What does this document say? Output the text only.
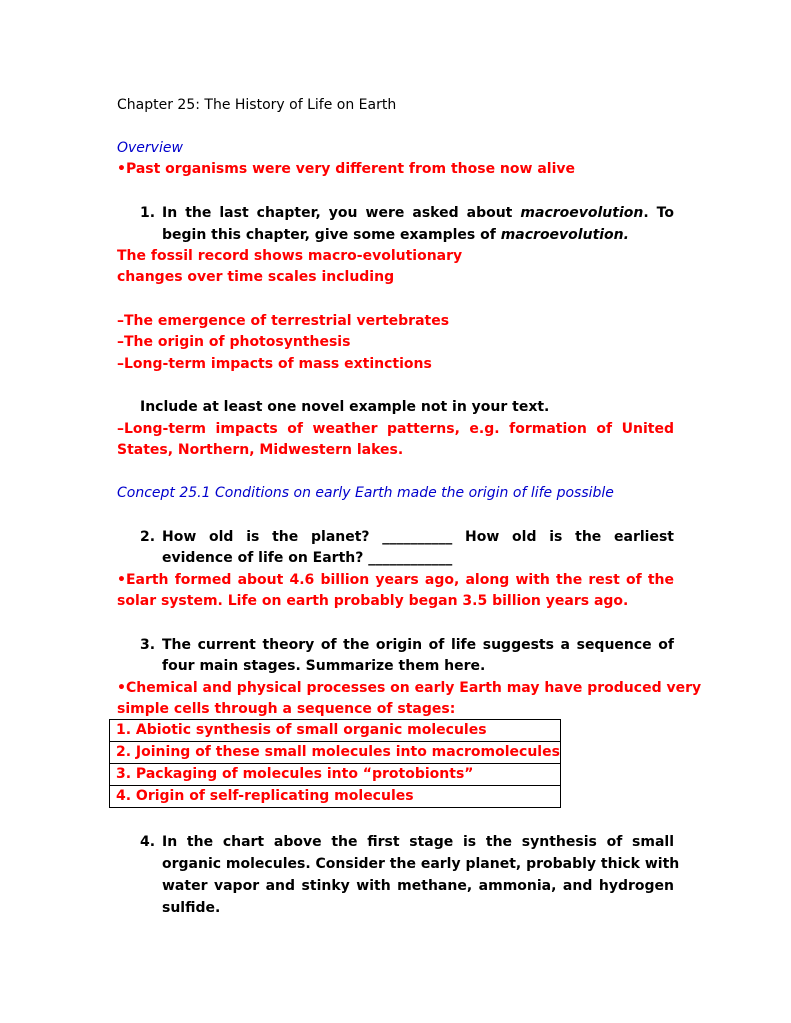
Chapter 25: The History of Life on Earth
Overview
•Past organisms were very different from those now alive
1. In the last chapter, you were asked about macroevolution. To
begin this chapter, give some examples of macroevolution.
The fossil record shows macro-evolutionary
changes over time scales including
–The emergence of terrestrial vertebrates
–The origin of photosynthesis
–Long-term impacts of mass extinctions
Include at least one novel example not in your text.
–Long-term impacts of weather patterns, e.g. formation of United
States, Northern, Midwestern lakes.
Concept 25.1 Conditions on early Earth made the origin of life possible
2. How old is the planet? __________ How old is the earliest
evidence of life on Earth? ____________
•Earth formed about 4.6 billion years ago, along with the rest of the
solar system. Life on earth probably began 3.5 billion years ago.
3. The current theory of the origin of life suggests a sequence of
four main stages. Summarize them here.
•Chemical and physical processes on early Earth may have produced very
simple cells through a sequence of stages:
1. Abiotic synthesis of small organic molecules
2. Joining of these small molecules into macromolecules
3. Packaging of molecules into “protobionts”
4. Origin of self-replicating molecules
4. In the chart above the first stage is the synthesis of small
organic molecules. Consider the early planet, probably thick with
water vapor and stinky with methane, ammonia, and hydrogen
sulfide.
